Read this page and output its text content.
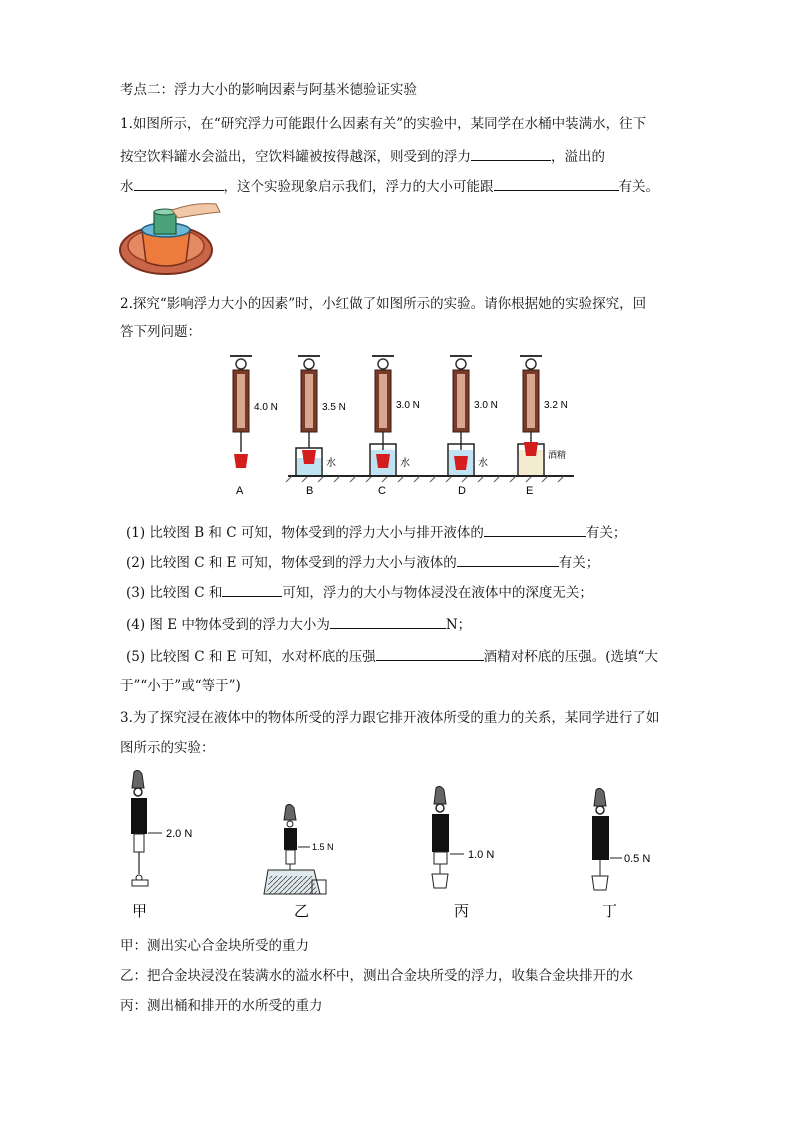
考点二：浮力大小的影响因素与阿基米德验证实验
1.如图所示，在“研究浮力可能跟什么因素有关”的实验中，某同学在水桶中装满水，往下
按空饮料罐水会溢出，空饮料罐被按得越深，则受到的浮力	，溢出的
水	，这个实验现象启示我们，浮力的大小可能跟	有关。
2.探究“影响浮力大小的因素”时，小红做了如图所示的实验。请你根据她的实验探究，回
答下列问题：
4.0 N	3.5 N	3.0 N	3.0 N	3.2 N
水	水	水
酒精
A	B	C	D	E
(1) 比较图 B 和 C 可知，物体受到的浮力大小与排开液体的	有关；
(2) 比较图 C 和 E 可知，物体受到的浮力大小与液体的	有关；
(3) 比较图 C 和	可知，浮力的大小与物体浸没在液体中的深度无关；
(4) 图 E 中物体受到的浮力大小为	N；
(5) 比较图 C 和 E 可知，水对杯底的压强	酒精对杯底的压强。(选填“大
于”“小于”或“等于”)
3.为了探究浸在液体中的物体所受的浮力跟它排开液体所受的重力的关系，某同学进行了如
图所示的实验：
2.0 N
1.5 N
1.0 N	0.5 N
甲	乙	丙	丁
甲：测出实心合金块所受的重力
乙：把合金块浸没在装满水的溢水杯中，测出合金块所受的浮力，收集合金块排开的水
丙：测出桶和排开的水所受的重力
